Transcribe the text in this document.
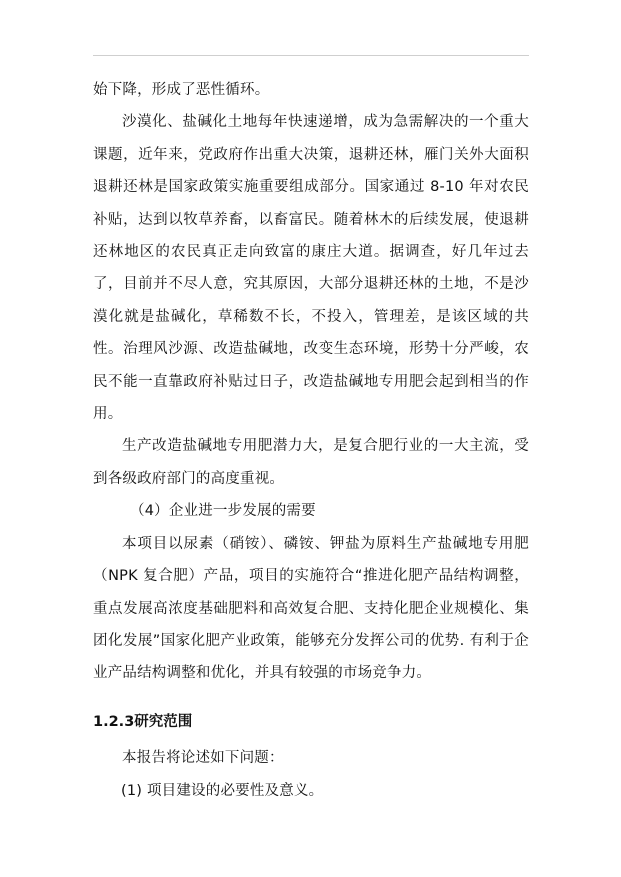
始下降，形成了恶性循环。

沙漠化、盐碱化土地每年快速递增，成为急需解决的一个重大课题，近年来，党政府作出重大决策，退耕还林，雁门关外大面积退耕还林是国家政策实施重要组成部分。国家通过 8-10 年对农民补贴，达到以牧草养畜，以畜富民。随着林木的后续发展，使退耕还林地区的农民真正走向致富的康庄大道。据调查，好几年过去了，目前并不尽人意，究其原因，大部分退耕还林的土地，不是沙漠化就是盐碱化，草稀数不长，不投入，管理差，是该区域的共性。治理风沙源、改造盐碱地，改变生态环境，形势十分严峻，农民不能一直靠政府补贴过日子，改造盐碱地专用肥会起到相当的作用。

生产改造盐碱地专用肥潜力大，是复合肥行业的一大主流，受到各级政府部门的高度重视。

（4）企业进一步发展的需要

本项目以尿素（硝铵）、磷铵、钾盐为原料生产盐碱地专用肥（NPK 复合肥）产品，项目的实施符合“推进化肥产品结构调整，重点发展高浓度基础肥料和高效复合肥、支持化肥企业规模化、集团化发展”国家化肥产业政策，能够充分发挥公司的优势. 有利于企业产品结构调整和优化，并具有较强的市场竞争力。

1.2.3研究范围

本报告将论述如下问题：

(1) 项目建设的必要性及意义。
